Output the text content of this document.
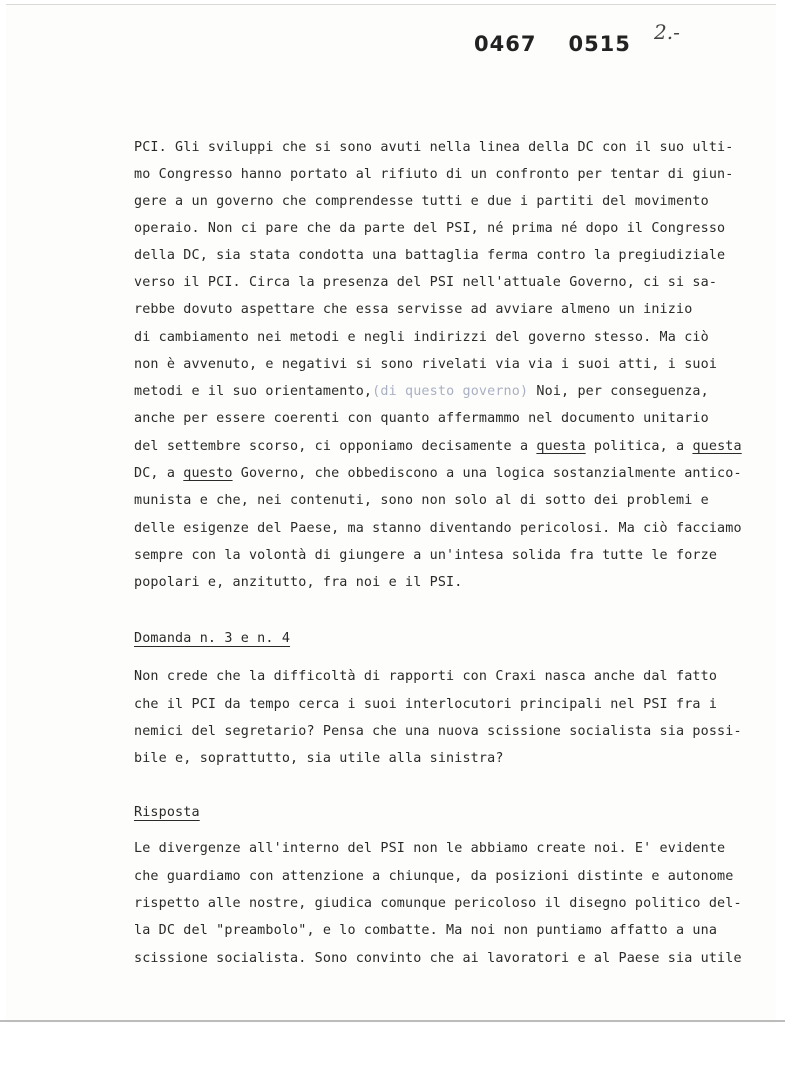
0467 0515 2.-

PCI. Gli sviluppi che si sono avuti nella linea della DC con il suo ulti-

mo Congresso hanno portato al rifiuto di un confronto per tentar di giun-

gere a un governo che comprendesse tutti e due i partiti del movimento

operaio. Non ci pare che da parte del PSI, né prima né dopo il Congresso

della DC, sia stata condotta una battaglia ferma contro la pregiudiziale

verso il PCI. Circa la presenza del PSI nell'attuale Governo, ci si sa-

rebbe dovuto aspettare che essa servisse ad avviare almeno un inizio

di cambiamento nei metodi e negli indirizzi del governo stesso. Ma ciò

non è avvenuto, e negativi si sono rivelati via via i suoi atti, i suoi

metodi e il suo orientamento,(di questo governo) Noi, per conseguenza,

anche per essere coerenti con quanto affermammo nel documento unitario

del settembre scorso, ci opponiamo decisamente a questa politica, a questa

DC, a questo Governo, che obbediscono a una logica sostanzialmente antico-

munista e che, nei contenuti, sono non solo al di sotto dei problemi e

delle esigenze del Paese, ma stanno diventando pericolosi. Ma ciò facciamo

sempre con la volontà di giungere a un'intesa solida fra tutte le forze

popolari e, anzitutto, fra noi e il PSI.

Domanda n. 3 e n. 4

Non crede che la difficoltà di rapporti con Craxi nasca anche dal fatto

che il PCI da tempo cerca i suoi interlocutori principali nel PSI fra i

nemici del segretario? Pensa che una nuova scissione socialista sia possi-

bile e, soprattutto, sia utile alla sinistra?

Risposta

Le divergenze all'interno del PSI non le abbiamo create noi. E' evidente

che guardiamo con attenzione a chiunque, da posizioni distinte e autonome

rispetto alle nostre, giudica comunque pericoloso il disegno politico del-

la DC del "preambolo", e lo combatte. Ma noi non puntiamo affatto a una

scissione socialista. Sono convinto che ai lavoratori e al Paese sia utile
